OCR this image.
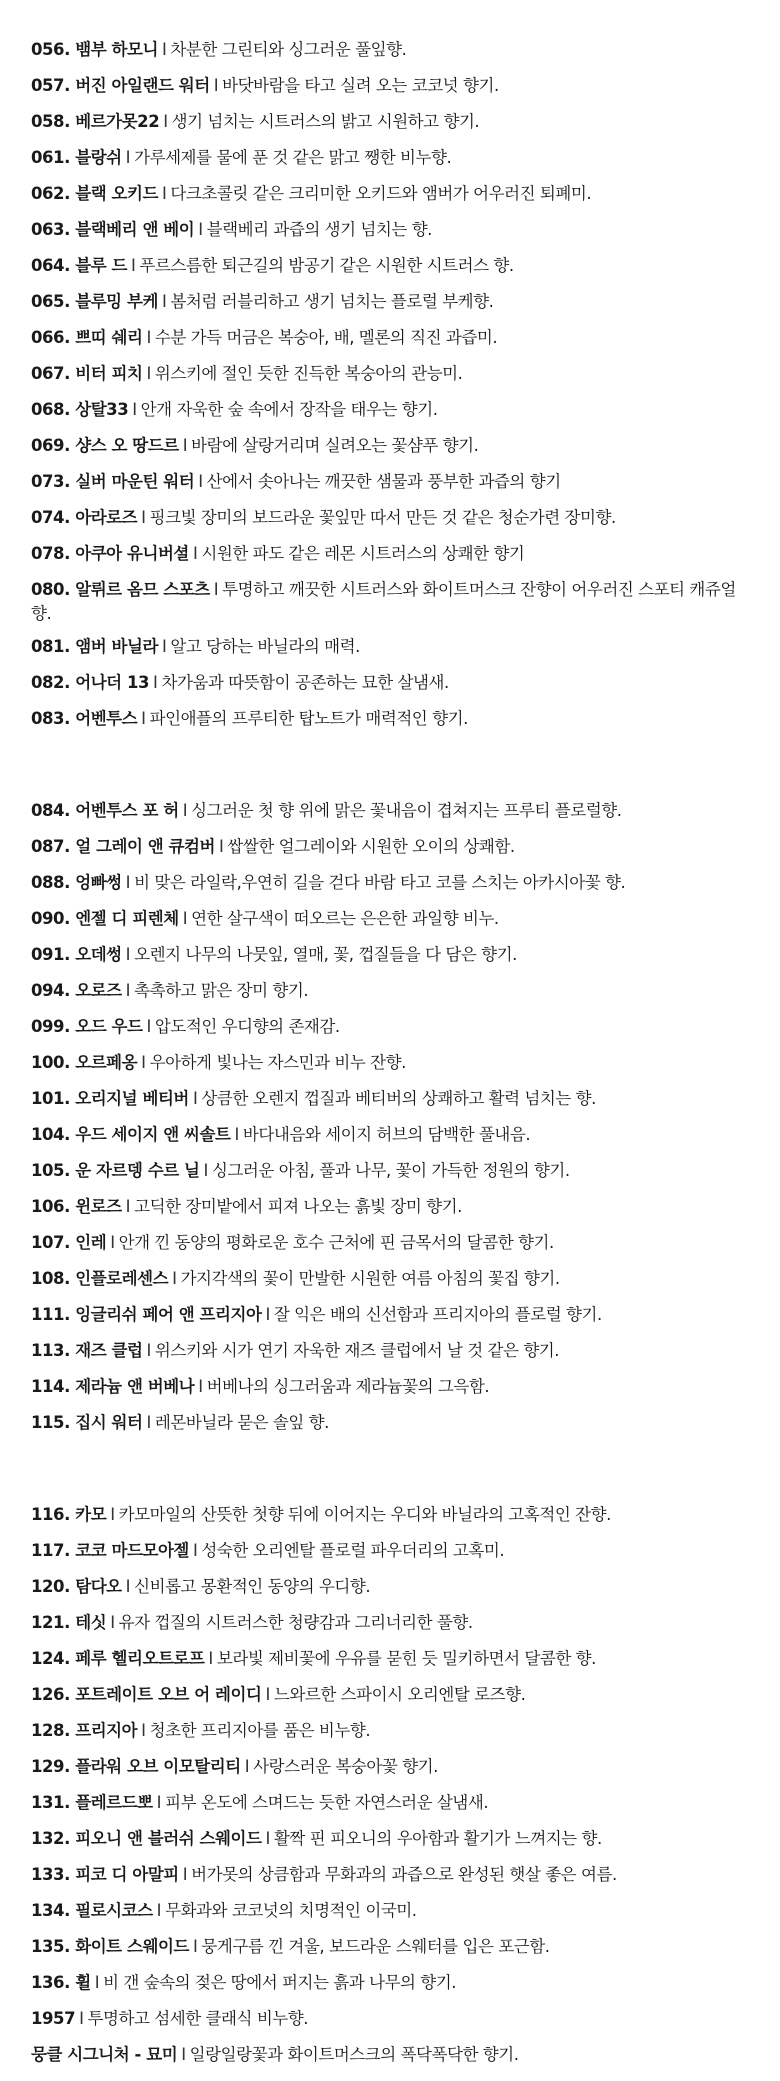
056. 뱀부 하모니 I 차분한 그린티와 싱그러운 풀잎향.

057. 버진 아일랜드 워터 I 바닷바람을 타고 실려 오는 코코넛 향기.

058. 베르가못22 I 생기 넘치는 시트러스의 밝고 시원하고 향기.

061. 블랑쉬 I 가루세제를 물에 푼 것 같은 맑고 쨍한 비누향.

062. 블랙 오키드 I 다크초콜릿 같은 크리미한 오키드와 앰버가 어우러진 퇴폐미.

063. 블랙베리 앤 베이 I 블랙베리 과즙의 생기 넘치는 향.

064. 블루 드 I 푸르스름한 퇴근길의 밤공기 같은 시원한 시트러스 향.

065. 블루밍 부케 I 봄처럼 러블리하고 생기 넘치는 플로럴 부케향.

066. 쁘띠 쉐리 I 수분 가득 머금은 복숭아, 배, 멜론의 직진 과즙미.

067. 비터 피치 I 위스키에 절인 듯한 진득한 복숭아의 관능미.

068. 상탈33 I 안개 자욱한 숲 속에서 장작을 태우는 향기.

069. 샹스 오 땅드르 I 바람에 살랑거리며 실려오는 꽃샴푸 향기.

073. 실버 마운틴 워터 I 산에서 솟아나는 깨끗한 샘물과 풍부한 과즙의 향기

074. 아라로즈 I 핑크빛 장미의 보드라운 꽃잎만 따서 만든 것 같은 청순가련 장미향.

078. 아쿠아 유니버셜 I 시원한 파도 같은 레몬 시트러스의 상쾌한 향기

080. 알뤼르 옴므 스포츠 I 투명하고 깨끗한 시트러스와 화이트머스크 잔향이 어우러진 스포티 캐쥬얼 향.

081. 앰버 바닐라 I 알고 당하는 바닐라의 매력.

082. 어나더 13 I 차가움과 따뜻함이 공존하는 묘한 살냄새.

083. 어벤투스 I 파인애플의 프루티한 탑노트가 매력적인 향기.

084. 어벤투스 포 허 I 싱그러운 첫 향 위에 맑은 꽃내음이 겹쳐지는 프루티 플로럴향.

087. 얼 그레이 앤 큐컴버 I 쌉쌀한 얼그레이와 시원한 오이의 상쾌함.

088. 엉빠썽 I 비 맞은 라일락,우연히 길을 걷다 바람 타고 코를 스치는 아카시아꽃 향.

090. 엔젤 디 피렌체 I 연한 살구색이 떠오르는 은은한 과일향 비누.

091. 오데썽 I 오렌지 나무의 나뭇잎, 열매, 꽃, 껍질들을 다 담은 향기.

094. 오로즈 I 촉촉하고 맑은 장미 향기.

099. 오드 우드 I 압도적인 우디향의 존재감.

100. 오르페옹 I 우아하게 빛나는 자스민과 비누 잔향.

101. 오리지널 베티버 I 상큼한 오렌지 껍질과 베티버의 상쾌하고 활력 넘치는 향.

104. 우드 세이지 앤 씨솔트 I 바다내음와 세이지 허브의 담백한 풀내음.

105. 운 자르뎅 수르 닐 I 싱그러운 아침, 풀과 나무, 꽃이 가득한 정원의 향기.

106. 윈로즈 I 고딕한 장미밭에서 피져 나오는 흙빛 장미 향기.

107. 인레 I 안개 낀 동양의 평화로운 호수 근처에 핀 금목서의 달콤한 향기.

108. 인플로레센스 I 가지각색의 꽃이 만발한 시원한 여름 아침의 꽃집 향기.

111. 잉글리쉬 페어 앤 프리지아 I 잘 익은 배의 신선함과 프리지아의 플로럴 향기.

113. 재즈 클럽 I 위스키와 시가 연기 자욱한 재즈 클럽에서 날 것 같은 향기.

114. 제라늄 앤 버베나 I 버베나의 싱그러움과 제라늄꽃의 그윽함.

115. 집시 워터 I 레몬바닐라 묻은 솔잎 향.

116. 카모 I 카모마일의 산뜻한 첫향 뒤에 이어지는 우디와 바닐라의 고혹적인 잔향.

117. 코코 마드모아젤 I 성숙한 오리엔탈 플로럴 파우더리의 고혹미.

120. 탐다오 I 신비롭고 몽환적인 동양의 우디향.

121. 테싯 I 유자 껍질의 시트러스한 청량감과 그리너리한 풀향.

124. 페루 헬리오트로프 I 보라빛 제비꽃에 우유를 묻힌 듯 밀키하면서 달콤한 향.

126. 포트레이트 오브 어 레이디 I 느와르한 스파이시 오리엔탈 로즈향.

128. 프리지아 I 청초한 프리지아를 품은 비누향.

129. 플라워 오브 이모탈리티 I 사랑스러운 복숭아꽃 향기.

131. 플레르드뽀 I 피부 온도에 스며드는 듯한 자연스러운 살냄새.

132. 피오니 앤 블러쉬 스웨이드 I 활짝 핀 피오니의 우아함과 활기가 느껴지는 향.

133. 피코 디 아말피 I 버가못의 상큼함과 무화과의 과즙으로 완성된 햇살 좋은 여름.

134. 필로시코스 I 무화과와 코코넛의 치명적인 이국미.

135. 화이트 스웨이드 I 뭉게구름 낀 겨울, 보드라운 스웨터를 입은 포근함.

136. 휠 I 비 갠 숲속의 젖은 땅에서 퍼지는 흙과 나무의 향기.

1957 I 투명하고 섬세한 클래식 비누향.

뭉클 시그니처 - 묘미 I 일랑일랑꽃과 화이트머스크의 폭닥폭닥한 향기.
